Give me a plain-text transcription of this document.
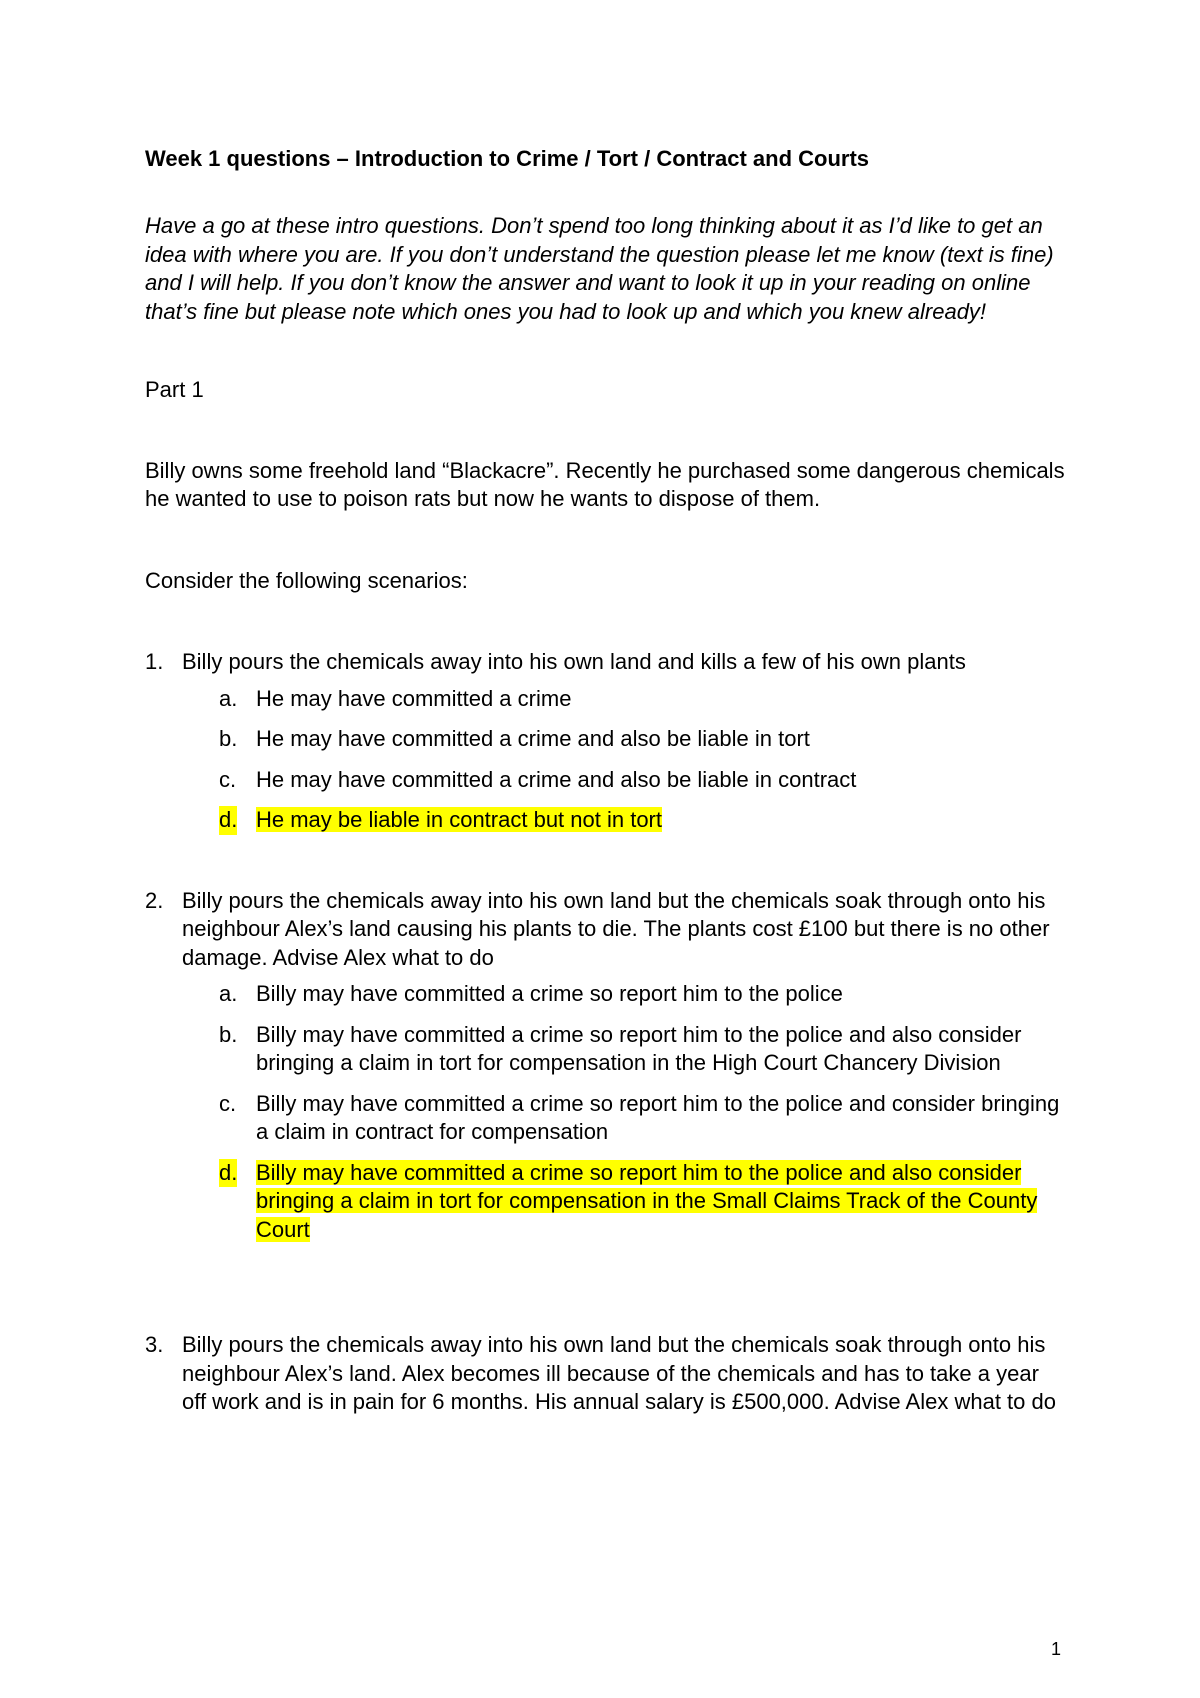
Week 1 questions – Introduction to Crime / Tort / Contract and Courts

Have a go at these intro questions. Don’t spend too long thinking about it as I’d like to get an idea with where you are. If you don’t understand the question please let me know (text is fine) and I will help. If you don’t know the answer and want to look it up in your reading on online that’s fine but please note which ones you had to look up and which you knew already!

Part 1

Billy owns some freehold land “Blackacre”. Recently he purchased some dangerous chemicals he wanted to use to poison rats but now he wants to dispose of them.

Consider the following scenarios:

1. Billy pours the chemicals away into his own land and kills a few of his own plants
a. He may have committed a crime
b. He may have committed a crime and also be liable in tort
c. He may have committed a crime and also be liable in contract
d. He may be liable in contract but not in tort
2. Billy pours the chemicals away into his own land but the chemicals soak through onto his neighbour Alex’s land causing his plants to die. The plants cost £100 but there is no other damage. Advise Alex what to do
a. Billy may have committed a crime so report him to the police
b. Billy may have committed a crime so report him to the police and also consider bringing a claim in tort for compensation in the High Court Chancery Division
c. Billy may have committed a crime so report him to the police and consider bringing a claim in contract for compensation
d. Billy may have committed a crime so report him to the police and also consider bringing a claim in tort for compensation in the Small Claims Track of the County Court
3. Billy pours the chemicals away into his own land but the chemicals soak through onto his neighbour Alex’s land. Alex becomes ill because of the chemicals and has to take a year off work and is in pain for 6 months. His annual salary is £500,000. Advise Alex what to do
1
